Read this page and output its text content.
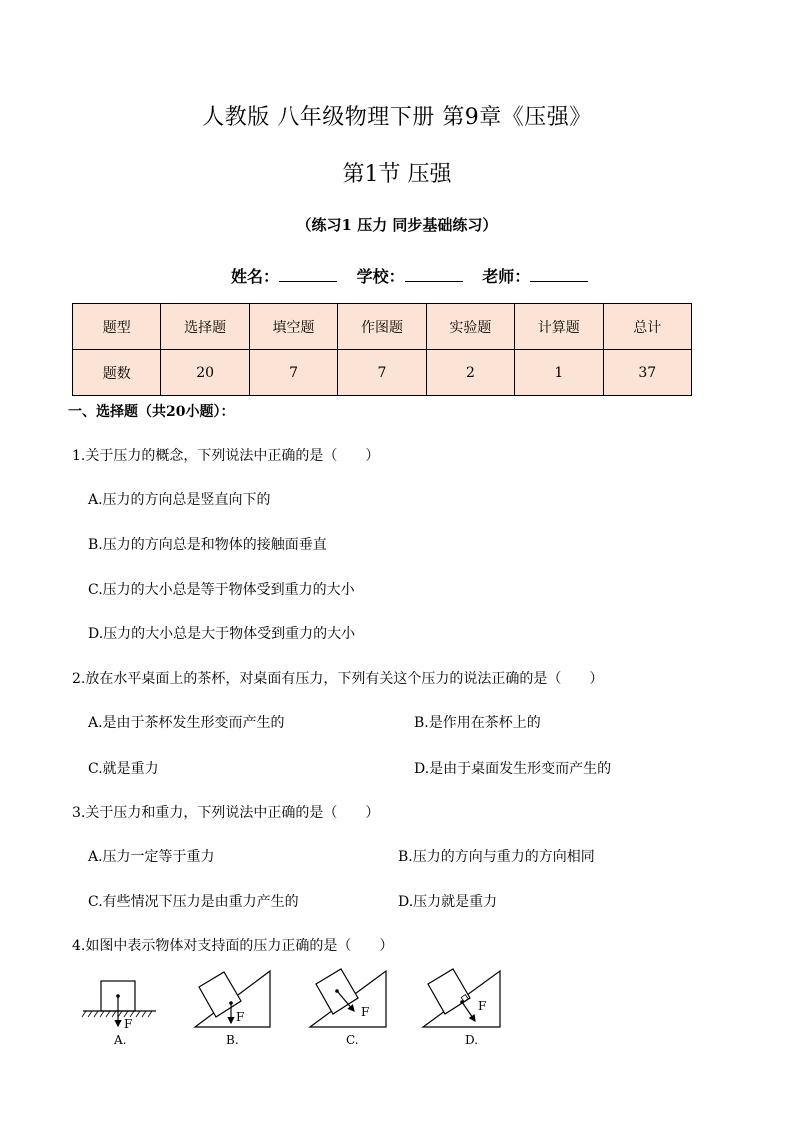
人教版 八年级物理下册 第9章《压强》
第1节 压强
（练习1 压力 同步基础练习）
姓名：	学校：	老师：
题型	选择题	填空题	作图题	实验题	计算题	总计
题数	20	7	7	2	1	37
一、选择题（共20小题）：
1.关于压力的概念，下列说法中正确的是（　　）
A.压力的方向总是竖直向下的
B.压力的方向总是和物体的接触面垂直
C.压力的大小总是等于物体受到重力的大小
D.压力的大小总是大于物体受到重力的大小
2.放在水平桌面上的茶杯，对桌面有压力，下列有关这个压力的说法正确的是（　　）
A.是由于茶杯发生形变而产生的	B.是作用在茶杯上的
C.就是重力	D.是由于桌面发生形变而产生的
3.关于压力和重力，下列说法中正确的是（　　）
A.压力一定等于重力	B.压力的方向与重力的方向相同
C.有些情况下压力是由重力产生的	D.压力就是重力
4.如图中表示物体对支持面的压力正确的是（　　）
F
A.
F
B.
F
C.
F
D.
